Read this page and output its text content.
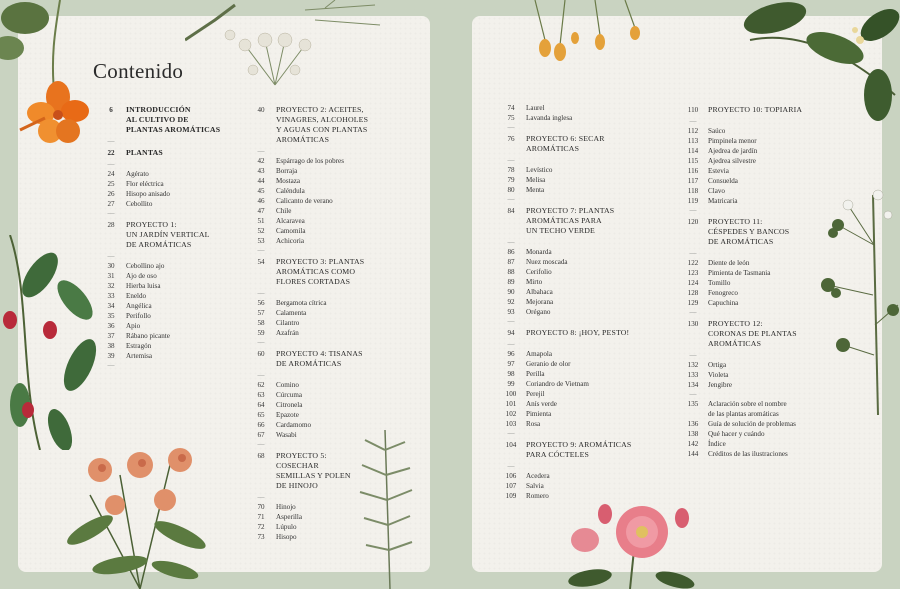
Contenido
6	INTRODUCCIÓN
AL CULTIVO DE
PLANTAS AROMÁTICAS
—
22	PLANTAS
—
24	Agérato
25	Flor eléctrica
26	Hisopo anisado
27	Cebollito
—
28	PROYECTO 1:
UN JARDÍN VERTICAL
DE AROMÁTICAS
—
30	Cebollino ajo
31	Ajo de oso
32	Hierba luisa
33	Eneldo
34	Angélica
35	Perifollo
36	Apio
37	Rábano picante
38	Estragón
39	Artemisa
—
40	PROYECTO 2: ACEITES,
VINAGRES, ALCOHOLES
Y AGUAS CON PLANTAS
AROMÁTICAS
—
42	Espárrago de los pobres
43	Borraja
44	Mostaza
45	Caléndula
46	Calicanto de verano
47	Chile
51	Alcaravea
52	Camomila
53	Achicoria
—
54	PROYECTO 3: PLANTAS
AROMÁTICAS COMO
FLORES CORTADAS
—
56	Bergamota cítrica
57	Calamenta
58	Cilantro
59	Azafrán
—
60	PROYECTO 4: TISANAS
DE AROMÁTICAS
—
62	Comino
63	Cúrcuma
64	Citronela
65	Epazote
66	Cardamomo
67	Wasabi
—
68	PROYECTO 5:
COSECHAR
SEMILLAS Y POLEN
DE HINOJO
—
70	Hinojo
71	Asperilla
72	Lúpulo
73	Hisopo
74	Laurel
75	Lavanda inglesa
—
76	PROYECTO 6: SECAR
AROMÁTICAS
—
78	Levístico
79	Melisa
80	Menta
—
84	PROYECTO 7: PLANTAS
AROMÁTICAS PARA
UN TECHO VERDE
—
86	Monarda
87	Nuez moscada
88	Cerifolio
89	Mirto
90	Albahaca
92	Mejorana
93	Orégano
—
94	PROYECTO 8: ¡HOY, PESTO!
—
96	Amapola
97	Geranio de olor
98	Perilla
99	Coriandro de Vietnam
100	Perejil
101	Anís verde
102	Pimienta
103	Rosa
—
104	PROYECTO 9: AROMÁTICAS
PARA CÓCTELES
—
106	Acedera
107	Salvia
109	Romero
110	PROYECTO 10: TOPIARIA
—
112	Saúco
113	Pimpinela menor
114	Ajedrea de jardín
115	Ajedrea silvestre
116	Estevia
117	Consuelda
118	Clavo
119	Matricaria
—
120	PROYECTO 11:
CÉSPEDES Y BANCOS
DE AROMÁTICAS
—
122	Diente de león
123	Pimienta de Tasmania
124	Tomillo
128	Fenogreco
129	Capuchina
—
130	PROYECTO 12:
CORONAS DE PLANTAS
AROMÁTICAS
—
132	Ortiga
133	Violeta
134	Jengibre
—
135	Aclaración sobre el nombre
de las plantas aromáticas
136	Guía de solución de problemas
138	Qué hacer y cuándo
142	Índice
144	Créditos de las ilustraciones
